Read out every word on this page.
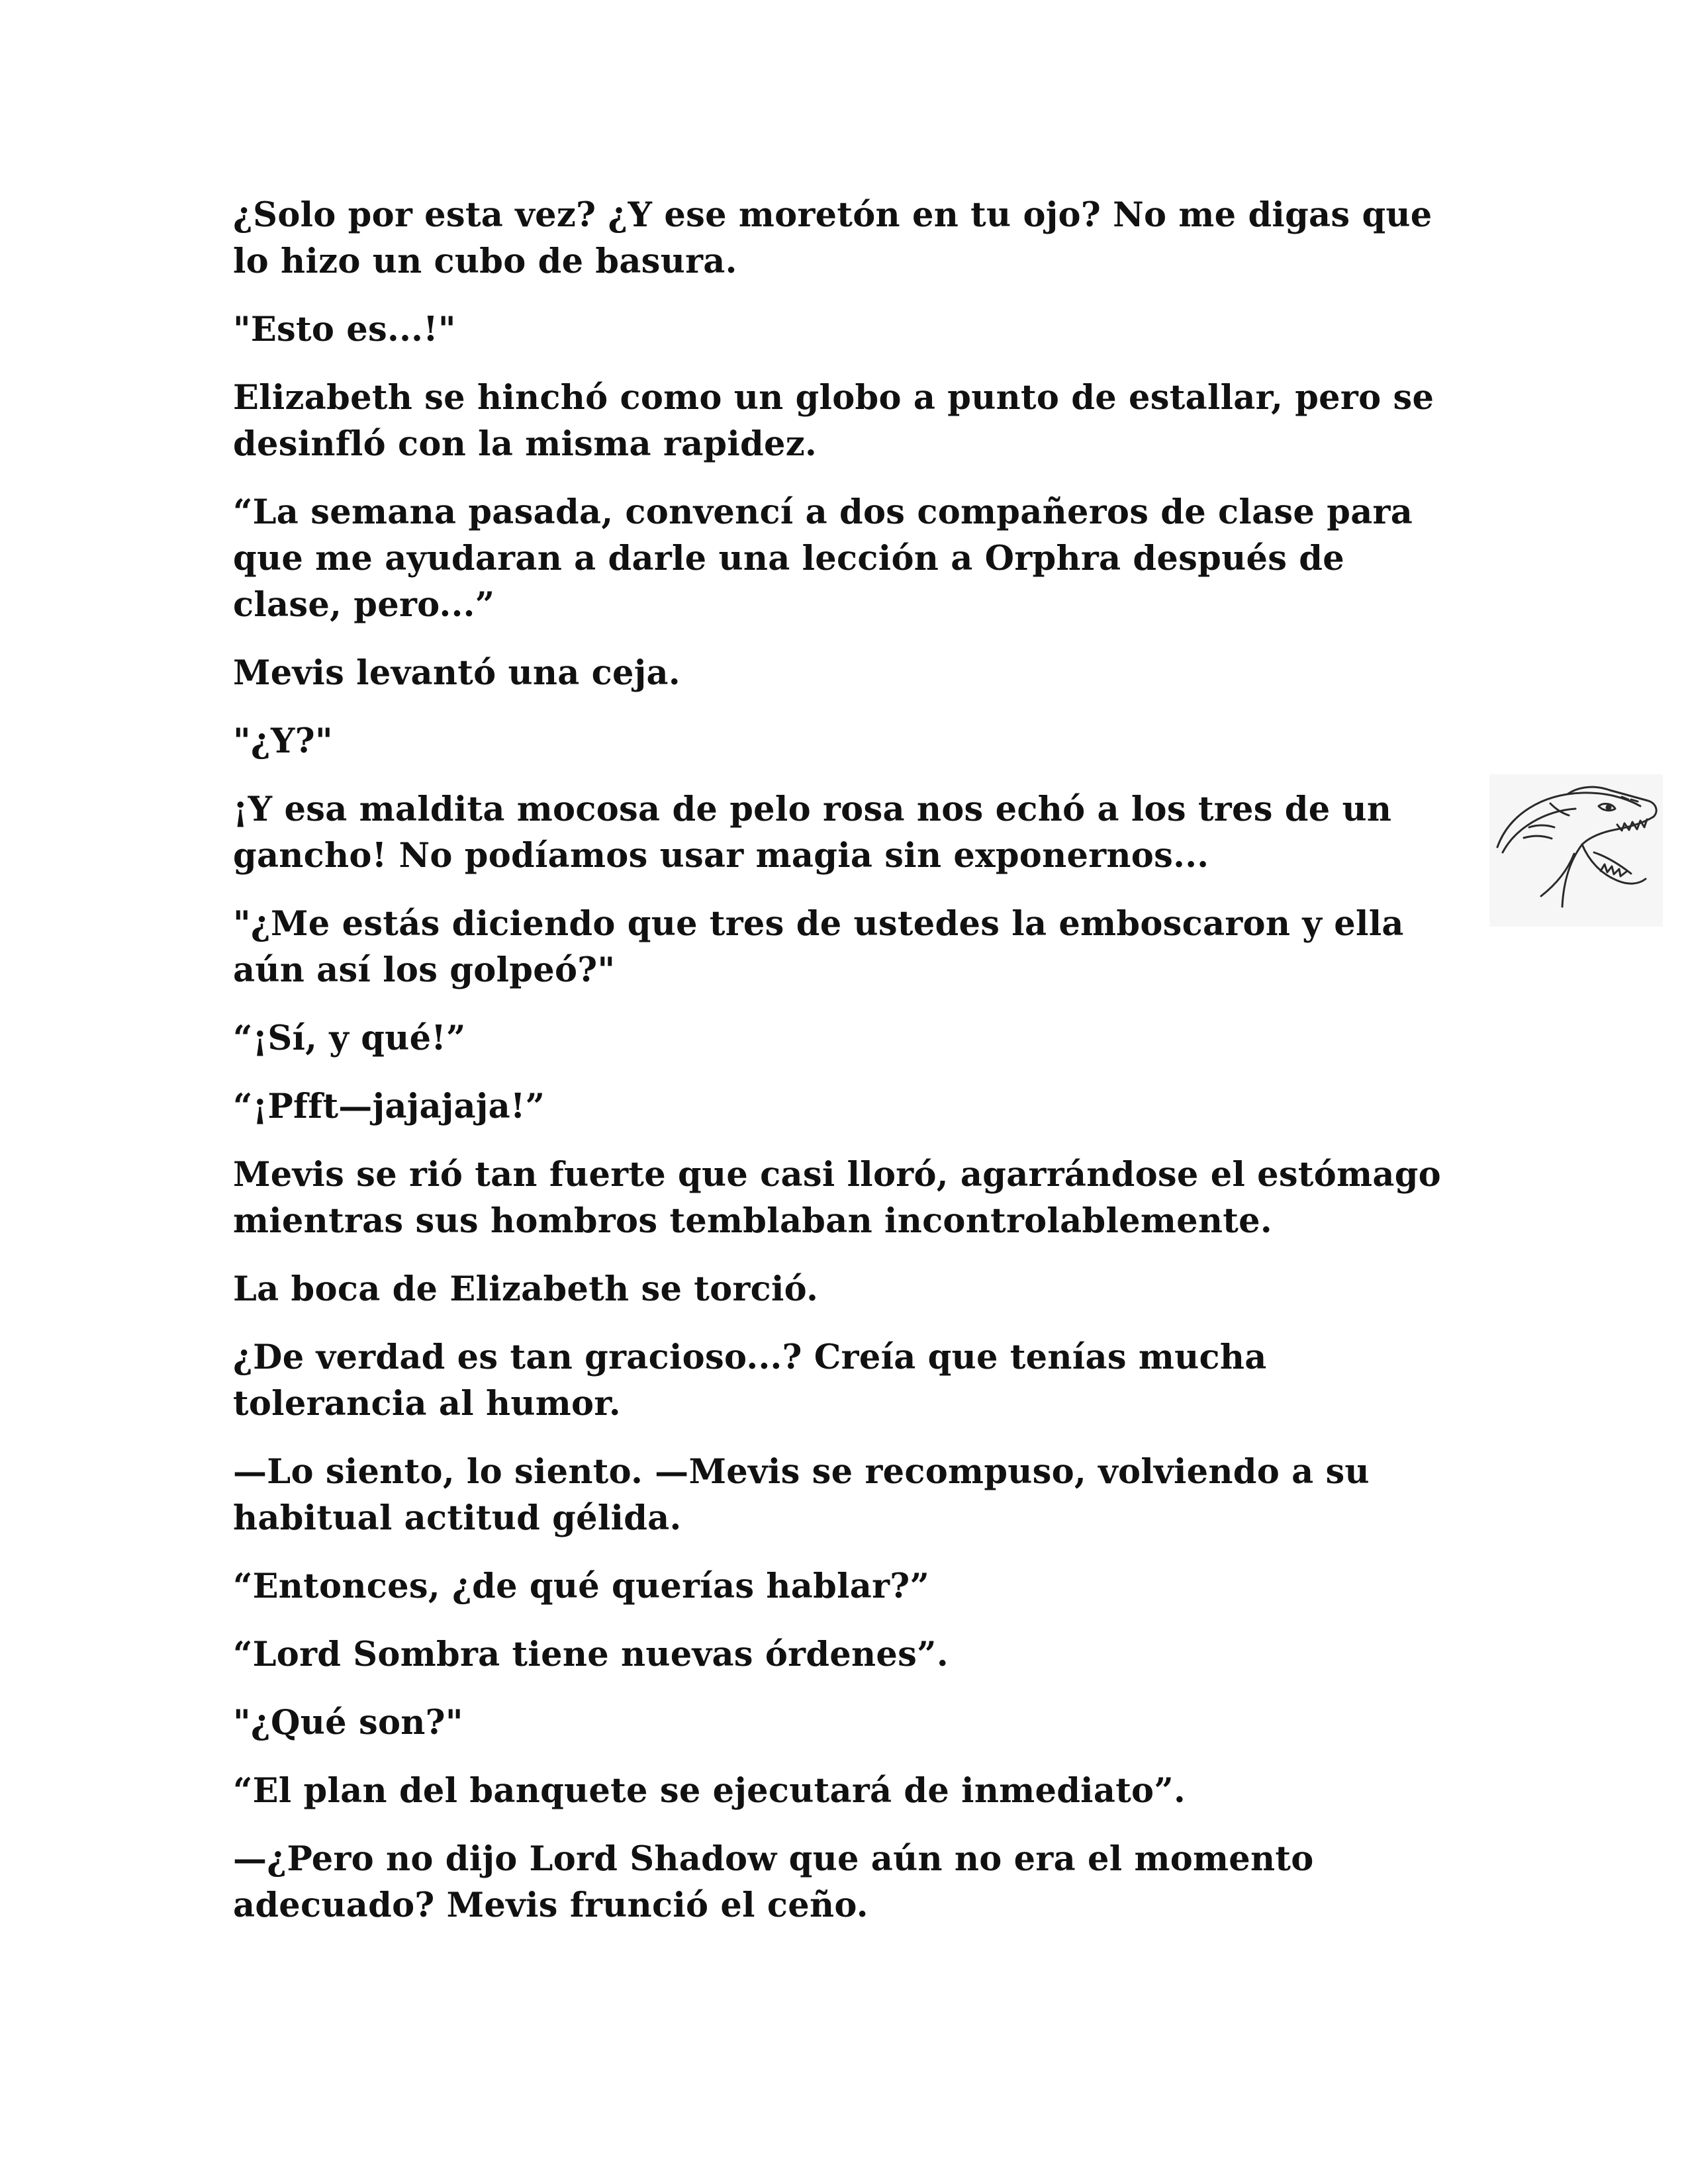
¿Solo por esta vez? ¿Y ese moretón en tu ojo? No me digas que lo hizo un cubo de basura.

"Esto es...!"

Elizabeth se hinchó como un globo a punto de estallar, pero se desinfló con la misma rapidez.

“La semana pasada, convencí a dos compañeros de clase para que me ayudaran a darle una lección a Orphra después de clase, pero...”

Mevis levantó una ceja.

"¿Y?"

¡Y esa maldita mocosa de pelo rosa nos echó a los tres de un gancho! No podíamos usar magia sin exponernos...

"¿Me estás diciendo que tres de ustedes la emboscaron y ella aún así los golpeó?"

“¡Sí, y qué!”

“¡Pfft—jajajaja!”

Mevis se rió tan fuerte que casi lloró, agarrándose el estómago mientras sus hombros temblaban incontrolablemente.

La boca de Elizabeth se torció.

¿De verdad es tan gracioso...? Creía que tenías mucha tolerancia al humor.

—Lo siento, lo siento. —Mevis se recompuso, volviendo a su habitual actitud gélida.

“Entonces, ¿de qué querías hablar?”

“Lord Sombra tiene nuevas órdenes”.

"¿Qué son?"

“El plan del banquete se ejecutará de inmediato”.

—¿Pero no dijo Lord Shadow que aún no era el momento adecuado? Mevis frunció el ceño.
